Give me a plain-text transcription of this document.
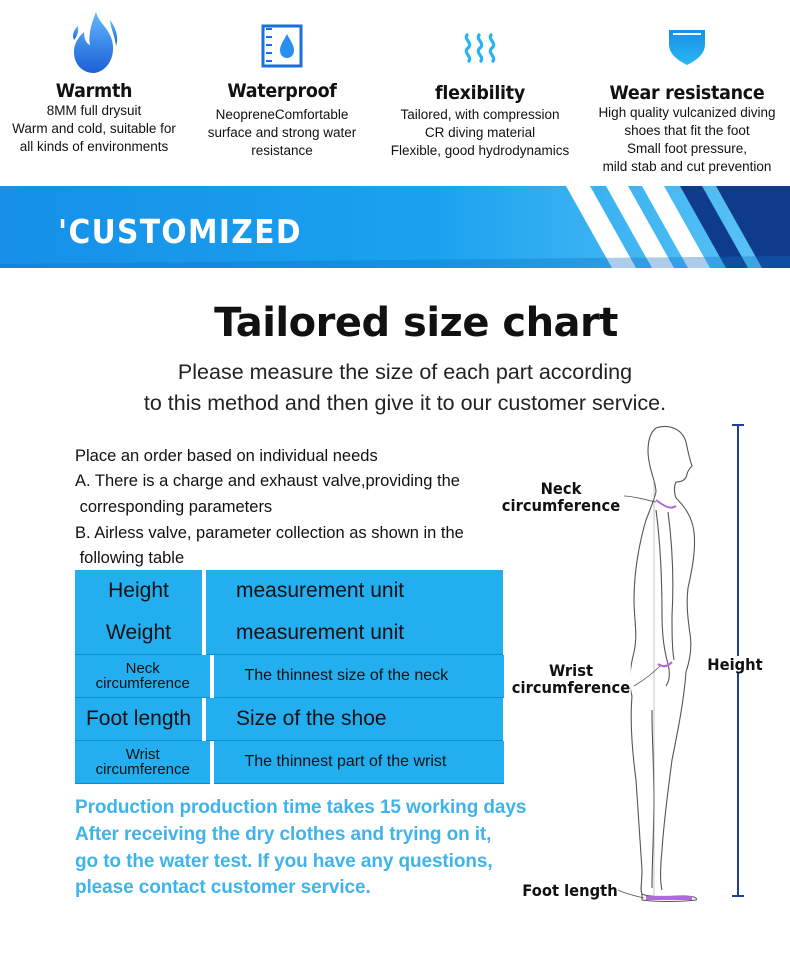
Warmth
8MM full drysuit
Warm and cold, suitable for
all kinds of environments
Waterproof
NeopreneComfortable
surface and strong water
resistance
flexibility
Tailored, with compression
CR diving material
Flexible, good hydrodynamics
Wear resistance
High quality vulcanized diving
shoes that fit the foot
Small foot pressure,
mild stab and cut prevention
'CUSTOMIZED
Tailored size chart
Please measure the size of each part according
to this method and then give it to our customer service.
Place an order based on individual needs
A. There is a charge and exhaust valve,providing the
corresponding parameters
B. Airless valve, parameter collection as shown in the
following table
Height	measurement unit
Weight	measurement unit
Neck circumference	The thinnest size of the neck
Foot length	Size of the shoe
Wrist circumference	The thinnest part of the wrist
Production production time takes 15 working days
After receiving the dry clothes and trying on it,
go to the water test. If you have any questions,
please contact customer service.
Neck
circumference
Wrist
circumference
Height
Foot length
